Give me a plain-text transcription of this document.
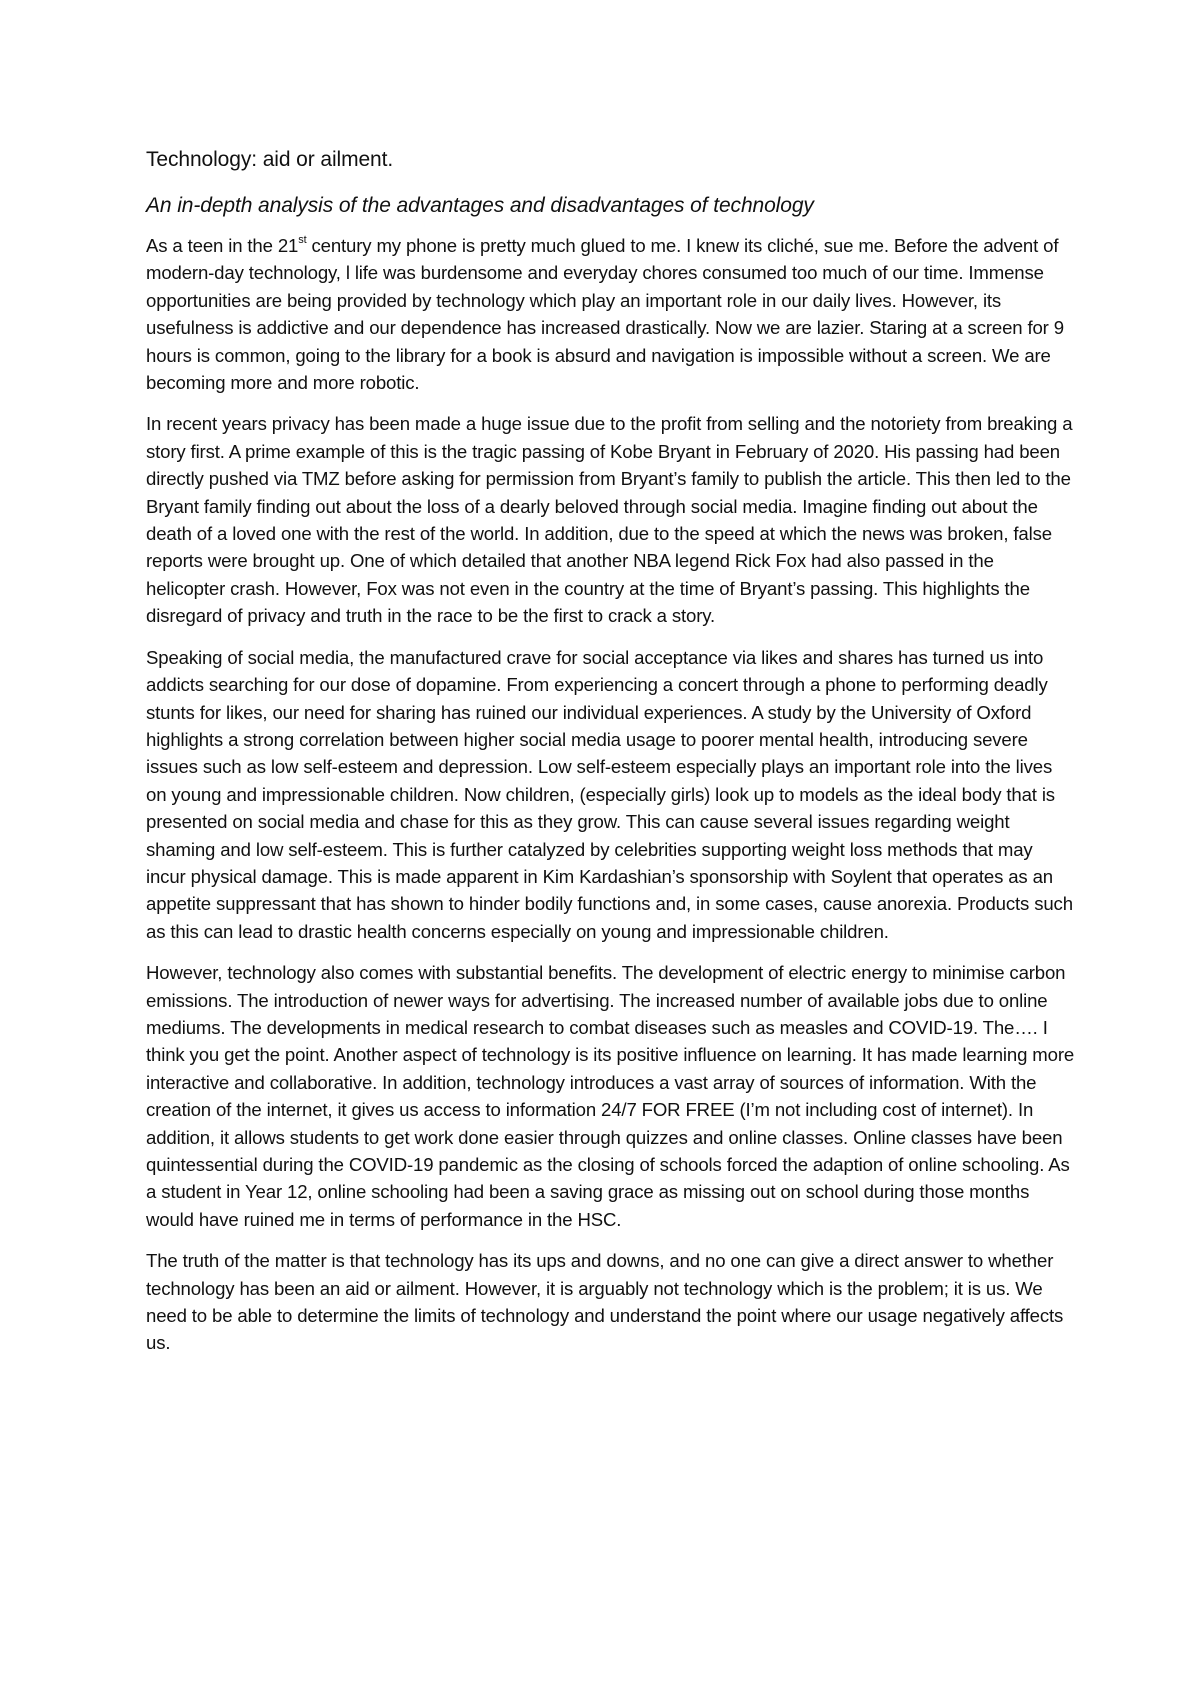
Technology: aid or ailment.
An in-depth analysis of the advantages and disadvantages of technology

As a teen in the 21st century my phone is pretty much glued to me. I knew its cliché, sue me. Before the advent of modern-day technology, l life was burdensome and everyday chores consumed too much of our time. Immense opportunities are being provided by technology which play an important role in our daily lives. However, its usefulness is addictive and our dependence has increased drastically. Now we are lazier. Staring at a screen for 9 hours is common, going to the library for a book is absurd and navigation is impossible without a screen. We are becoming more and more robotic.

In recent years privacy has been made a huge issue due to the profit from selling and the notoriety from breaking a story first. A prime example of this is the tragic passing of Kobe Bryant in February of 2020. His passing had been directly pushed via TMZ before asking for permission from Bryant’s family to publish the article. This then led to the Bryant family finding out about the loss of a dearly beloved through social media. Imagine finding out about the death of a loved one with the rest of the world. In addition, due to the speed at which the news was broken, false reports were brought up. One of which detailed that another NBA legend Rick Fox had also passed in the helicopter crash. However, Fox was not even in the country at the time of Bryant’s passing. This highlights the disregard of privacy and truth in the race to be the first to crack a story.

Speaking of social media, the manufactured crave for social acceptance via likes and shares has turned us into addicts searching for our dose of dopamine. From experiencing a concert through a phone to performing deadly stunts for likes, our need for sharing has ruined our individual experiences. A study by the University of Oxford highlights a strong correlation between higher social media usage to poorer mental health, introducing severe issues such as low self-esteem and depression. Low self-esteem especially plays an important role into the lives on young and impressionable children. Now children, (especially girls) look up to models as the ideal body that is presented on social media and chase for this as they grow. This can cause several issues regarding weight shaming and low self-esteem. This is further catalyzed by celebrities supporting weight loss methods that may incur physical damage. This is made apparent in Kim Kardashian’s sponsorship with Soylent that operates as an appetite suppressant that has shown to hinder bodily functions and, in some cases, cause anorexia. Products such as this can lead to drastic health concerns especially on young and impressionable children.

However, technology also comes with substantial benefits. The development of electric energy to minimise carbon emissions. The introduction of newer ways for advertising. The increased number of available jobs due to online mediums. The developments in medical research to combat diseases such as measles and COVID-19. The…. I think you get the point. Another aspect of technology is its positive influence on learning. It has made learning more interactive and collaborative. In addition, technology introduces a vast array of sources of information. With the creation of the internet, it gives us access to information 24/7 FOR FREE (I’m not including cost of internet). In addition, it allows students to get work done easier through quizzes and online classes. Online classes have been quintessential during the COVID-19 pandemic as the closing of schools forced the adaption of online schooling. As a student in Year 12, online schooling had been a saving grace as missing out on school during those months would have ruined me in terms of performance in the HSC.

The truth of the matter is that technology has its ups and downs, and no one can give a direct answer to whether technology has been an aid or ailment. However, it is arguably not technology which is the problem; it is us. We need to be able to determine the limits of technology and understand the point where our usage negatively affects us.
